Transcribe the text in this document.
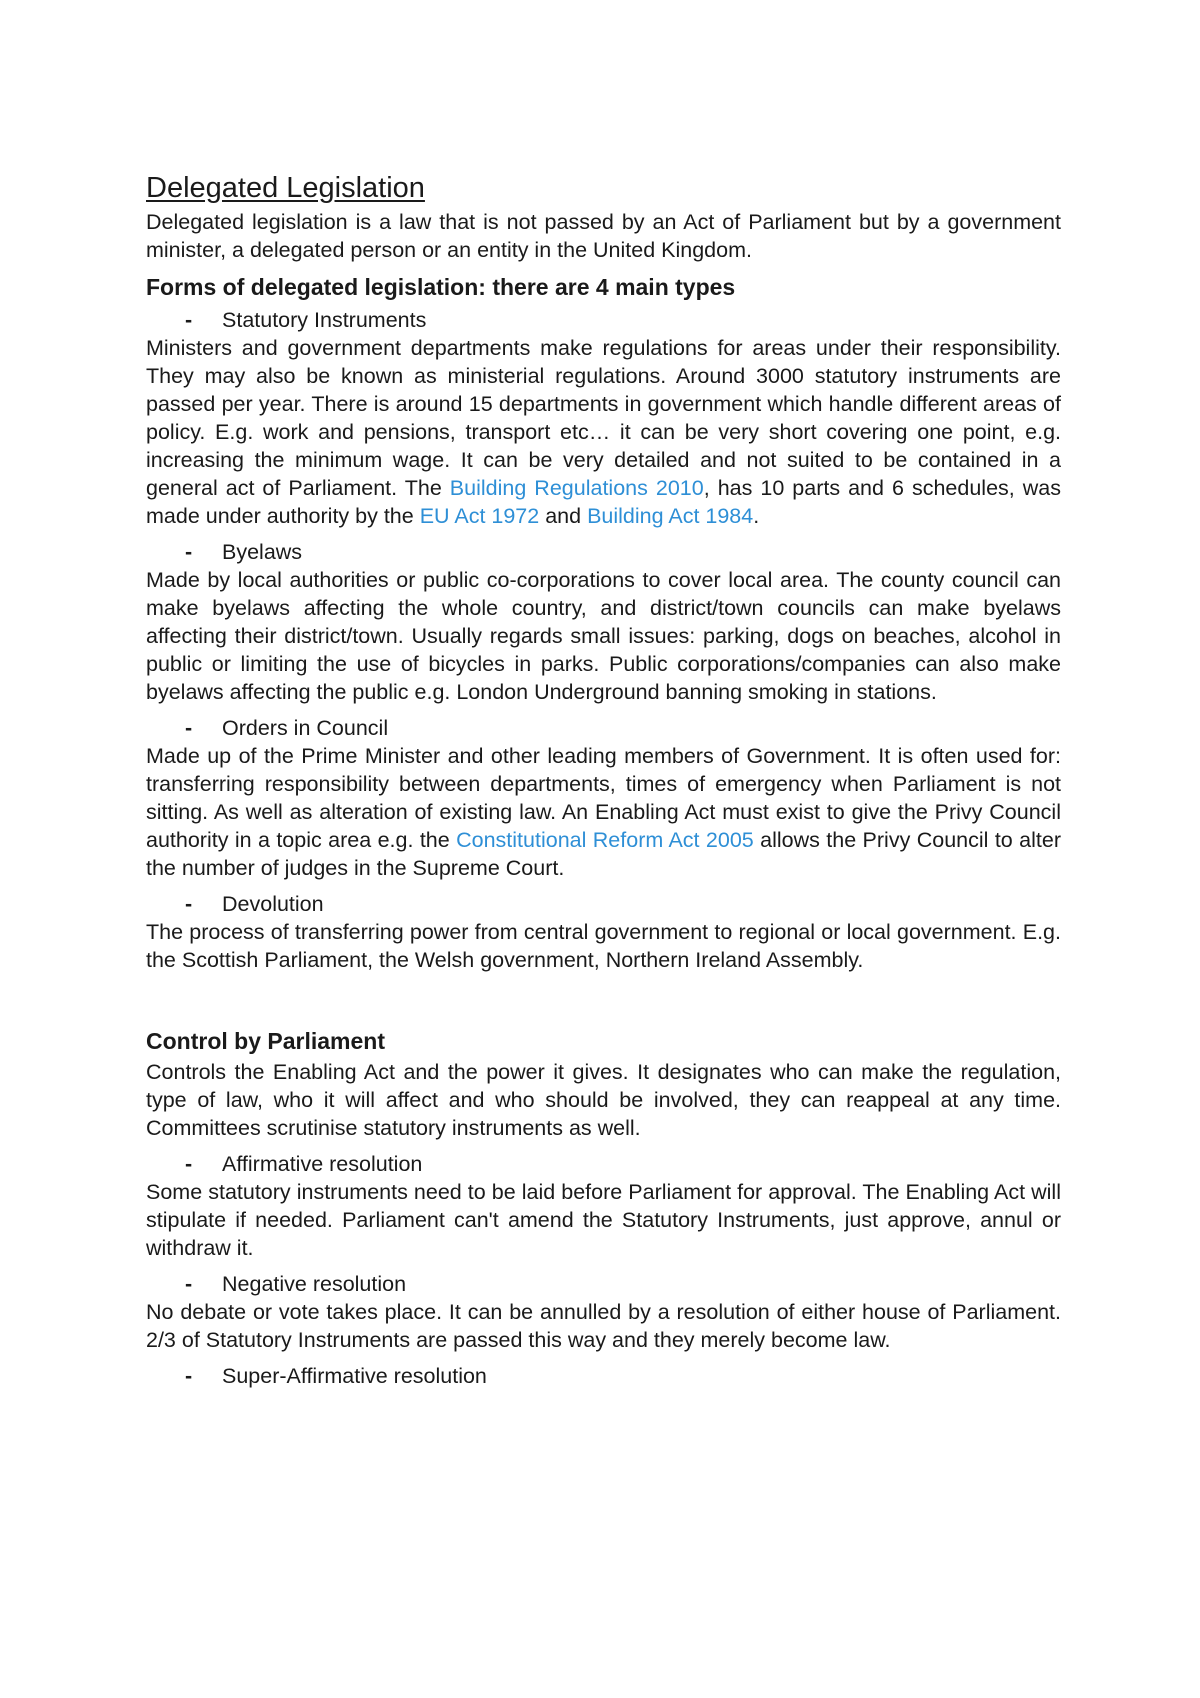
Delegated Legislation

Delegated legislation is a law that is not passed by an Act of Parliament but by a government minister, a delegated person or an entity in the United Kingdom.

Forms of delegated legislation: there are 4 main types
-	Statutory Instruments

Ministers and government departments make regulations for areas under their responsibility. They may also be known as ministerial regulations. Around 3000 statutory instruments are passed per year. There is around 15 departments in government which handle different areas of policy. E.g. work and pensions, transport etc… it can be very short covering one point, e.g. increasing the minimum wage. It can be very detailed and not suited to be contained in a general act of Parliament. The Building Regulations 2010, has 10 parts and 6 schedules, was made under authority by the EU Act 1972 and Building Act 1984.

-	Byelaws

Made by local authorities or public co-corporations to cover local area. The county council can make byelaws affecting the whole country, and district/town councils can make byelaws affecting their district/town. Usually regards small issues: parking, dogs on beaches, alcohol in public or limiting the use of bicycles in parks. Public corporations/companies can also make byelaws affecting the public e.g. London Underground banning smoking in stations.

-	Orders in Council

Made up of the Prime Minister and other leading members of Government. It is often used for: transferring responsibility between departments, times of emergency when Parliament is not sitting. As well as alteration of existing law. An Enabling Act must exist to give the Privy Council authority in a topic area e.g. the Constitutional Reform Act 2005 allows the Privy Council to alter the number of judges in the Supreme Court.

-	Devolution

The process of transferring power from central government to regional or local government. E.g. the Scottish Parliament, the Welsh government, Northern Ireland Assembly.

Control by Parliament

Controls the Enabling Act and the power it gives. It designates who can make the regulation, type of law, who it will affect and who should be involved, they can reappeal at any time. Committees scrutinise statutory instruments as well.

-	Affirmative resolution

Some statutory instruments need to be laid before Parliament for approval. The Enabling Act will stipulate if needed. Parliament can't amend the Statutory Instruments, just approve, annul or withdraw it.

-	Negative resolution

No debate or vote takes place. It can be annulled by a resolution of either house of Parliament. 2/3 of Statutory Instruments are passed this way and they merely become law.

-	Super-Affirmative resolution
